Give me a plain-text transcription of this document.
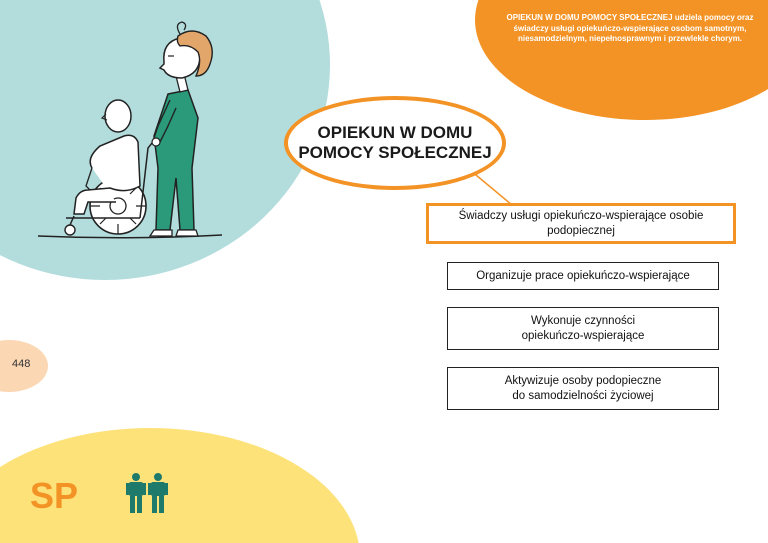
448
OPIEKUN W DOMU POMOCY SPOŁECZNEJ udziela pomocy oraz świadczy usługi opiekuńczo-wspierające osobom samotnym, niesamodzielnym, niepełnosprawnym i przewlekle chorym.
OPIEKUN W DOMU
POMOCY SPOŁECZNEJ
Świadczy usługi opiekuńczo-wspierające osobie
podopiecznej
Organizuje prace opiekuńczo-wspierające
Wykonuje czynności
opiekuńczo-wspierające
Aktywizuje osoby podopieczne
do samodzielności życiowej
SP
